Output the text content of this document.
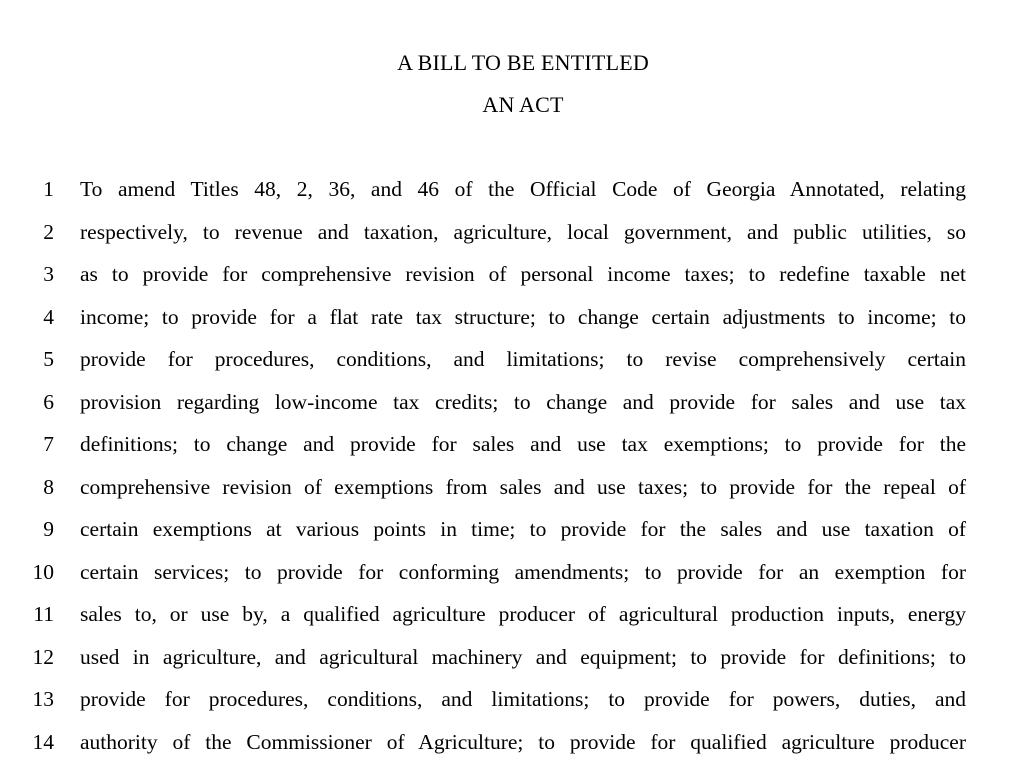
A BILL TO BE ENTITLED
AN ACT
1 To amend Titles 48, 2, 36, and 46 of the Official Code of Georgia Annotated, relating
2 respectively, to revenue and taxation, agriculture, local government, and public utilities, so
3 as to provide for comprehensive revision of personal income taxes; to redefine taxable net
4 income; to provide for a flat rate tax structure; to change certain adjustments to income; to
5 provide for procedures, conditions, and limitations; to revise comprehensively certain
6 provision regarding low-income tax credits; to change and provide for sales and use tax
7 definitions; to change and provide for sales and use tax exemptions; to provide for the
8 comprehensive revision of exemptions from sales and use taxes; to provide for the repeal of
9 certain exemptions at various points in time; to provide for the sales and use taxation of
10 certain services; to provide for conforming amendments; to provide for an exemption for
11 sales to, or use by, a qualified agriculture producer of agricultural production inputs, energy
12 used in agriculture, and agricultural machinery and equipment; to provide for definitions; to
13 provide for procedures, conditions, and limitations; to provide for powers, duties, and
14 authority of the Commissioner of Agriculture; to provide for qualified agriculture producer
